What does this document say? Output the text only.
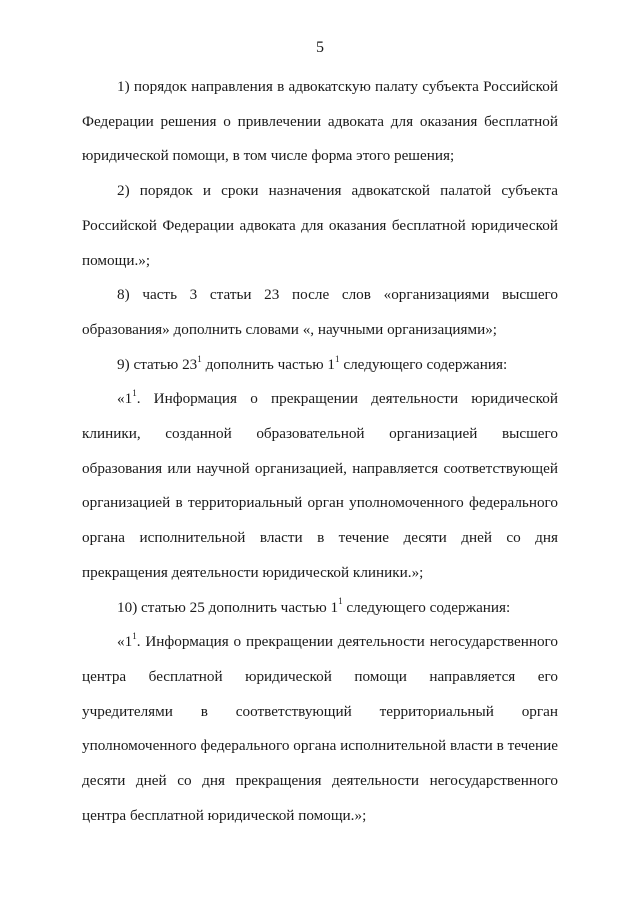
5

1) порядок направления в адвокатскую палату субъекта Российской Федерации решения о привлечении адвоката для оказания бесплатной юридической помощи, в том числе форма этого решения;

2) порядок и сроки назначения адвокатской палатой субъекта Российской Федерации адвоката для оказания бесплатной юридической помощи.»;

8) часть 3 статьи 23 после слов «организациями высшего образования» дополнить словами «, научными организациями»;

9) статью $23^1$ дополнить частью $1^1$ следующего содержания:

«$1^1$. Информация о прекращении деятельности юридической клиники, созданной образовательной организацией высшего образования или научной организацией, направляется соответствующей организацией в территориальный орган уполномоченного федерального органа исполнительной власти в течение десяти дней со дня прекращения деятельности юридической клиники.»;

10) статью 25 дополнить частью $1^1$ следующего содержания:

«$1^1$. Информация о прекращении деятельности негосударственного центра бесплатной юридической помощи направляется его учредителями в соответствующий территориальный орган уполномоченного федерального органа исполнительной власти в течение десяти дней со дня прекращения деятельности негосударственного центра бесплатной юридической помощи.»;
